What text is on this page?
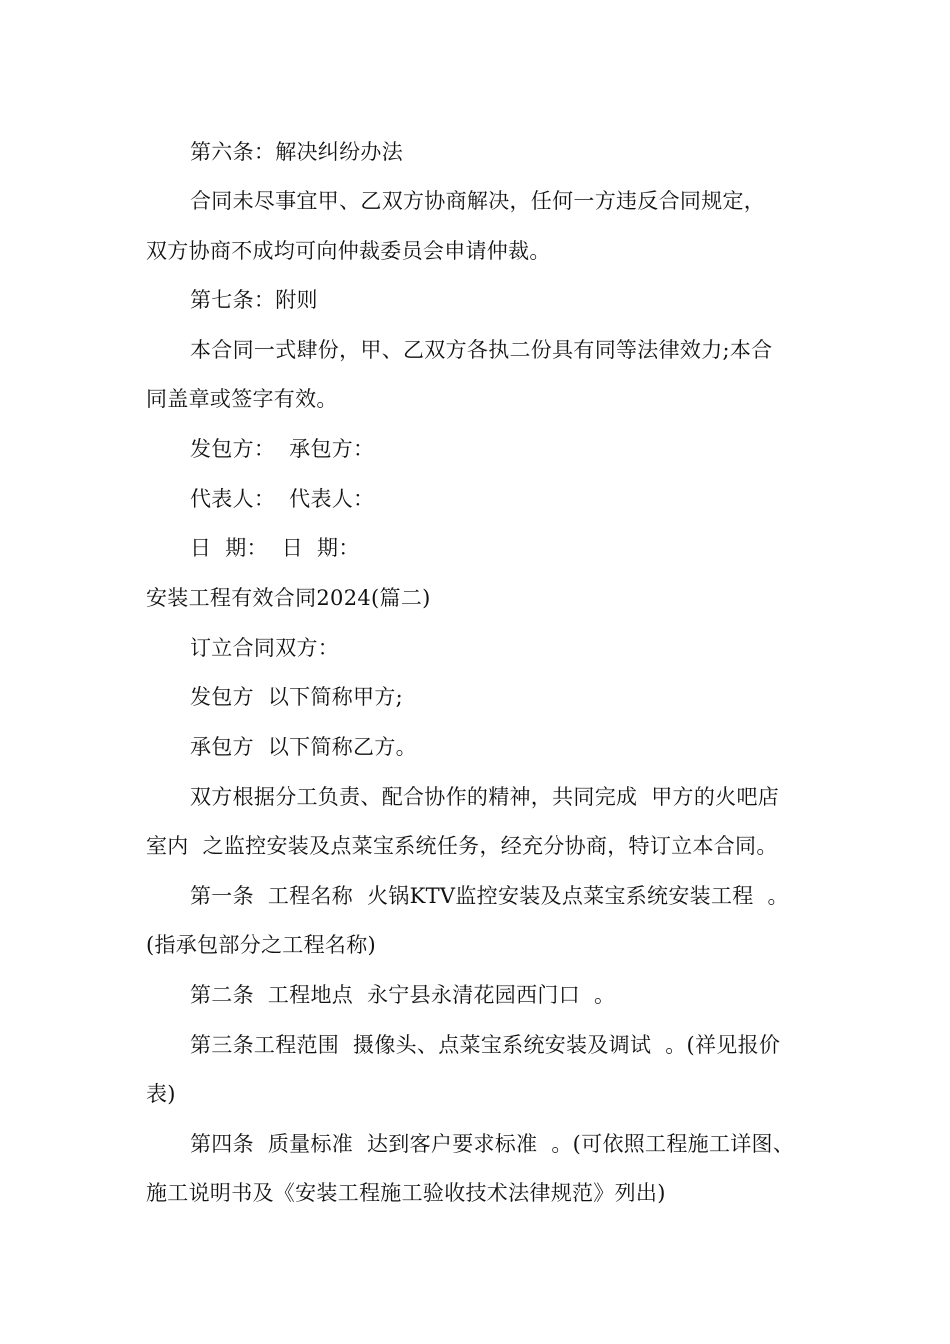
第六条：解决纠纷办法
合同未尽事宜甲、乙双方协商解决，任何一方违反合同规定，
双方协商不成均可向仲裁委员会申请仲裁。
第七条：附则
本合同一式肆份，甲、乙双方各执二份具有同等法律效力;本合
同盖章或签字有效。
发包方：  承包方：
代表人：  代表人：
日  期：  日  期：
安装工程有效合同2024(篇二)
订立合同双方：
发包方  以下简称甲方;
承包方  以下简称乙方。
双方根据分工负责、配合协作的精神，共同完成  甲方的火吧店
室内  之监控安装及点菜宝系统任务，经充分协商，特订立本合同。
第一条  工程名称  火锅KTV监控安装及点菜宝系统安装工程  。
(指承包部分之工程名称)
第二条  工程地点  永宁县永清花园西门口  。
第三条工程范围  摄像头、点菜宝系统安装及调试  。(祥见报价
表)
第四条  质量标准  达到客户要求标准  。(可依照工程施工详图、
施工说明书及《安装工程施工验收技术法律规范》列出)
